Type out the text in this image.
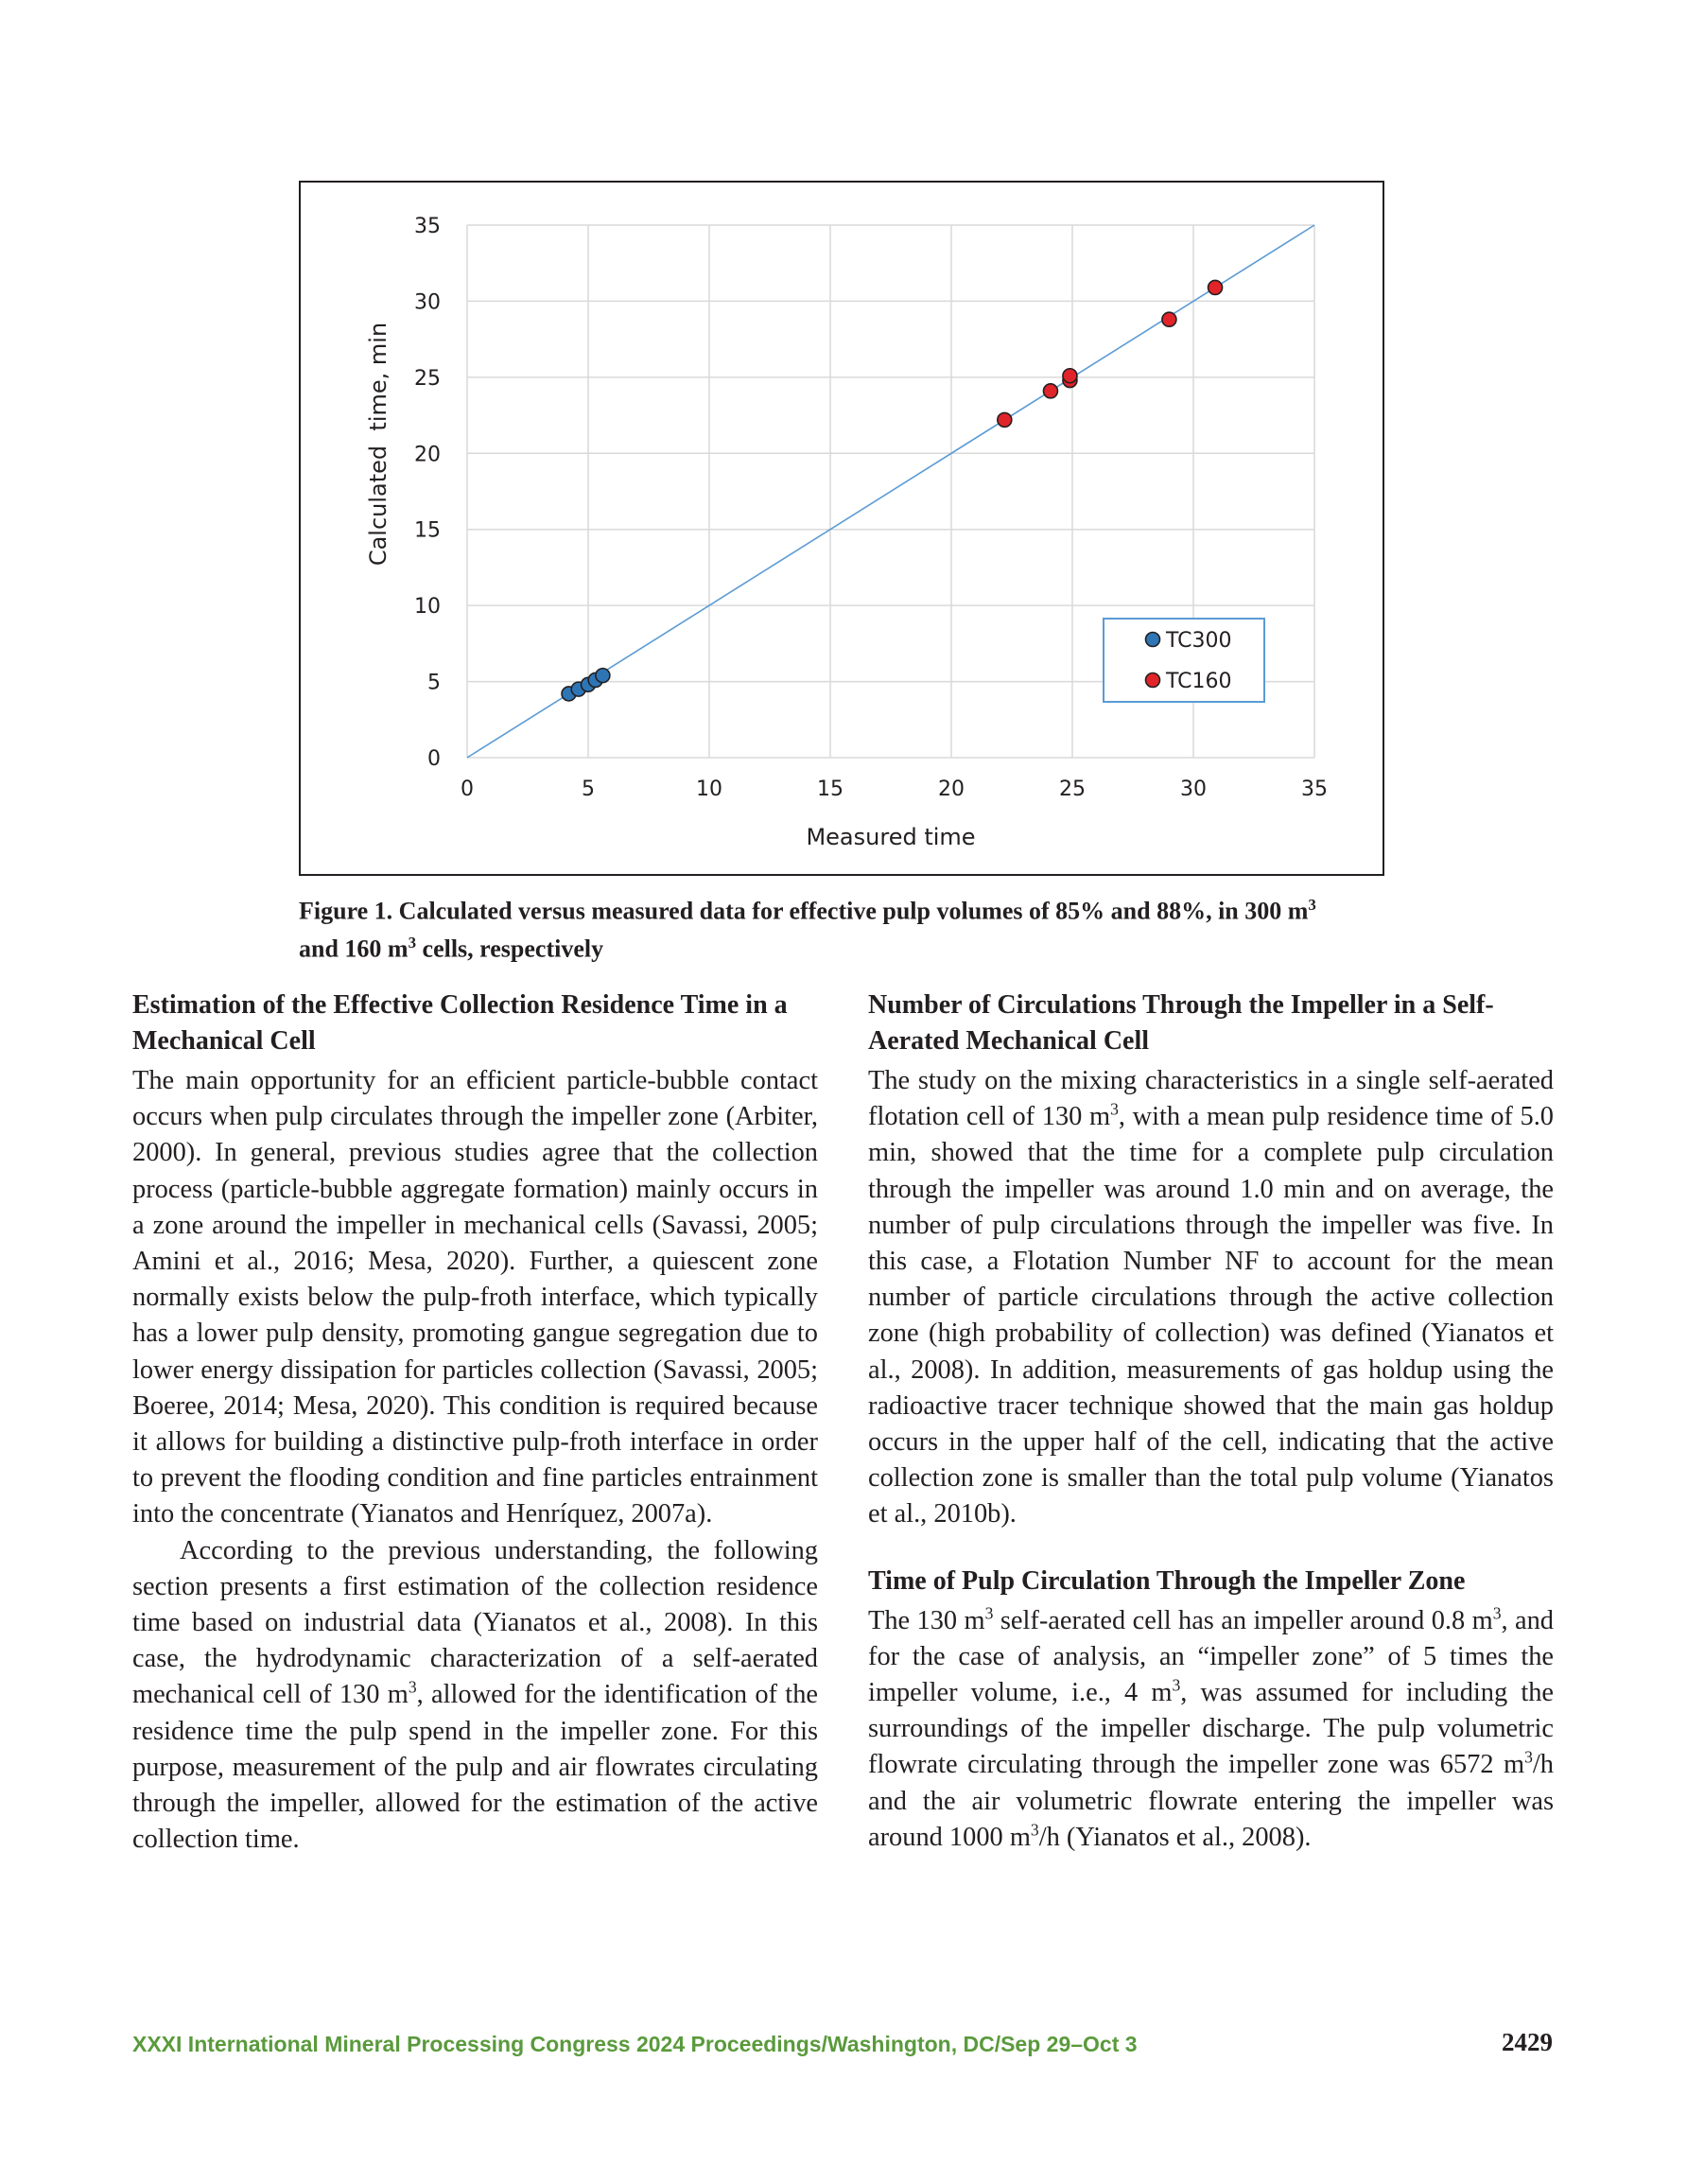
0	5	10	15	20	25	30	35
0
5
10
15
20
25
30
35
Measured time
Calculated  time, min
TC300
TC160
Figure 1. Calculated versus measured data for effective pulp volumes of 85% and 88%, in 300 $m^3$
and 160 $m^3$ cells, respectively
Estimation of the Effective Collection Residence Time in a Mechanical Cell

The main opportunity for an efficient particle-bubble contact occurs when pulp circulates through the impeller zone (Arbiter, 2000). In general, previous studies agree that the collection process (particle-bubble aggregate formation) mainly occurs in a zone around the impeller in mechanical cells (Savassi, 2005; Amini et al., 2016; Mesa, 2020). Further, a quiescent zone normally exists below the pulp-froth interface, which typically has a lower pulp density, promoting gangue segregation due to lower energy dissipation for particles collection (Savassi, 2005; Boeree, 2014; Mesa, 2020). This condition is required because it allows for building a distinctive pulp-froth interface in order to prevent the flooding condition and fine particles entrainment into the concentrate (Yianatos and Henríquez, 2007a).

According to the previous understanding, the following section presents a first estimation of the collection residence time based on industrial data (Yianatos et al., 2008). In this case, the hydrodynamic characterization of a self-aerated mechanical cell of 130 $m^3$, allowed for the identification of the residence time the pulp spend in the impeller zone. For this purpose, measurement of the pulp and air flowrates circulating through the impeller, allowed for the estimation of the active collection time.

Number of Circulations Through the Impeller in a Self-Aerated Mechanical Cell

The study on the mixing characteristics in a single self-aerated flotation cell of 130 $m^3$, with a mean pulp residence time of 5.0 min, showed that the time for a complete pulp circulation through the impeller was around 1.0 min and on average, the number of pulp circulations through the impeller was five. In this case, a Flotation Number NF to account for the mean number of particle circulations through the active collection zone (high probability of collection) was defined (Yianatos et al., 2008). In addition, measurements of gas holdup using the radioactive tracer technique showed that the main gas holdup occurs in the upper half of the cell, indicating that the active collection zone is smaller than the total pulp volume (Yianatos et al., 2010b).

Time of Pulp Circulation Through the Impeller Zone

The 130 $m^3$ self-aerated cell has an impeller around 0.8 $m^3$, and for the case of analysis, an “impeller zone” of 5 times the impeller volume, i.e., 4 $m^3$, was assumed for including the surroundings of the impeller discharge. The pulp volumetric flowrate circulating through the impeller zone was 6572 $m^3/h$ and the air volumetric flowrate entering the impeller was around 1000 $m^3/h$ (Yianatos et al., 2008).

XXXI International Mineral Processing Congress 2024 Proceedings/Washington, DC/Sep 29–Oct 3	2429
